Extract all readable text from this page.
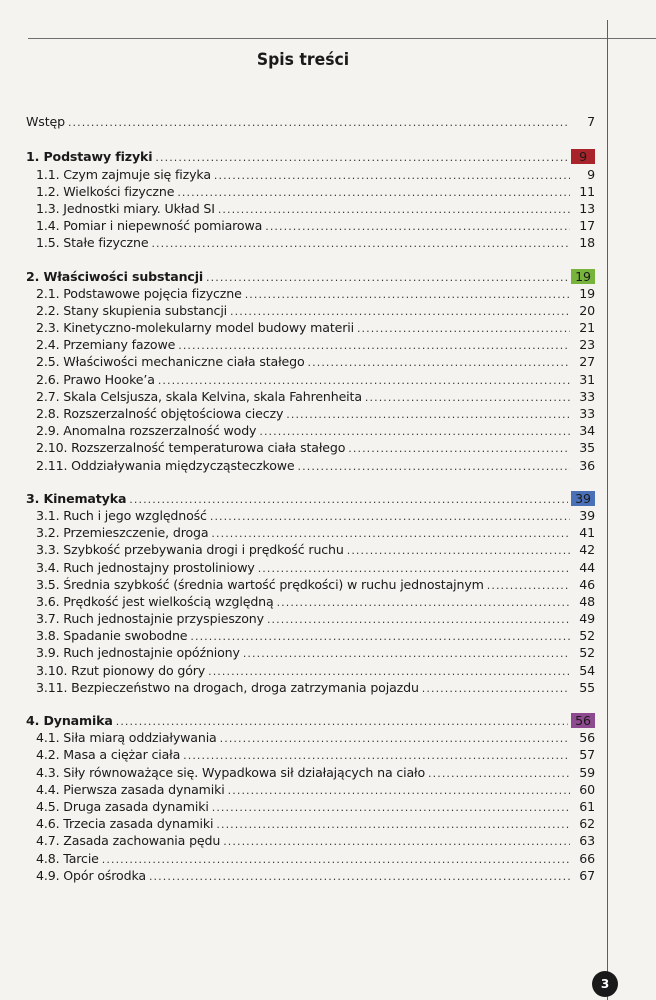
Spis treści
Wstęp .....	7
1. Podstawy fizyki .....	9
1.1. Czym zajmuje się fizyka .....	9
1.2. Wielkości fizyczne .....	11
1.3. Jednostki miary. Układ SI .....	13
1.4. Pomiar i niepewność pomiarowa .....	17
1.5. Stałe fizyczne .....	18
2. Właściwości substancji .....	19
2.1. Podstawowe pojęcia fizyczne .....	19
2.2. Stany skupienia substancji .....	20
2.3. Kinetyczno-molekularny model budowy materii .....	21
2.4. Przemiany fazowe .....	23
2.5. Właściwości mechaniczne ciała stałego .....	27
2.6. Prawo Hooke’a .....	31
2.7. Skala Celsjusza, skala Kelvina, skala Fahrenheita .....	33
2.8. Rozszerzalność objętościowa cieczy .....	33
2.9. Anomalna rozszerzalność wody .....	34
2.10. Rozszerzalność temperaturowa ciała stałego .....	35
2.11. Oddziaływania międzycząsteczkowe .....	36
3. Kinematyka .....	39
3.1. Ruch i jego względność .....	39
3.2. Przemieszczenie, droga .....	41
3.3. Szybkość przebywania drogi i prędkość ruchu .....	42
3.4. Ruch jednostajny prostoliniowy .....	44
3.5. Średnia szybkość (średnia wartość prędkości) w ruchu jednostajnym .....	46
3.6. Prędkość jest wielkością względną .....	48
3.7. Ruch jednostajnie przyspieszony .....	49
3.8. Spadanie swobodne .....	52
3.9. Ruch jednostajnie opóźniony .....	52
3.10. Rzut pionowy do góry .....	54
3.11. Bezpieczeństwo na drogach, droga zatrzymania pojazdu .....	55
4. Dynamika .....	56
4.1. Siła miarą oddziaływania .....	56
4.2. Masa a ciężar ciała .....	57
4.3. Siły równoważące się. Wypadkowa sił działających na ciało .....	59
4.4. Pierwsza zasada dynamiki .....	60
4.5. Druga zasada dynamiki .....	61
4.6. Trzecia zasada dynamiki .....	62
4.7. Zasada zachowania pędu .....	63
4.8. Tarcie .....	66
4.9. Opór ośrodka .....	67
3
